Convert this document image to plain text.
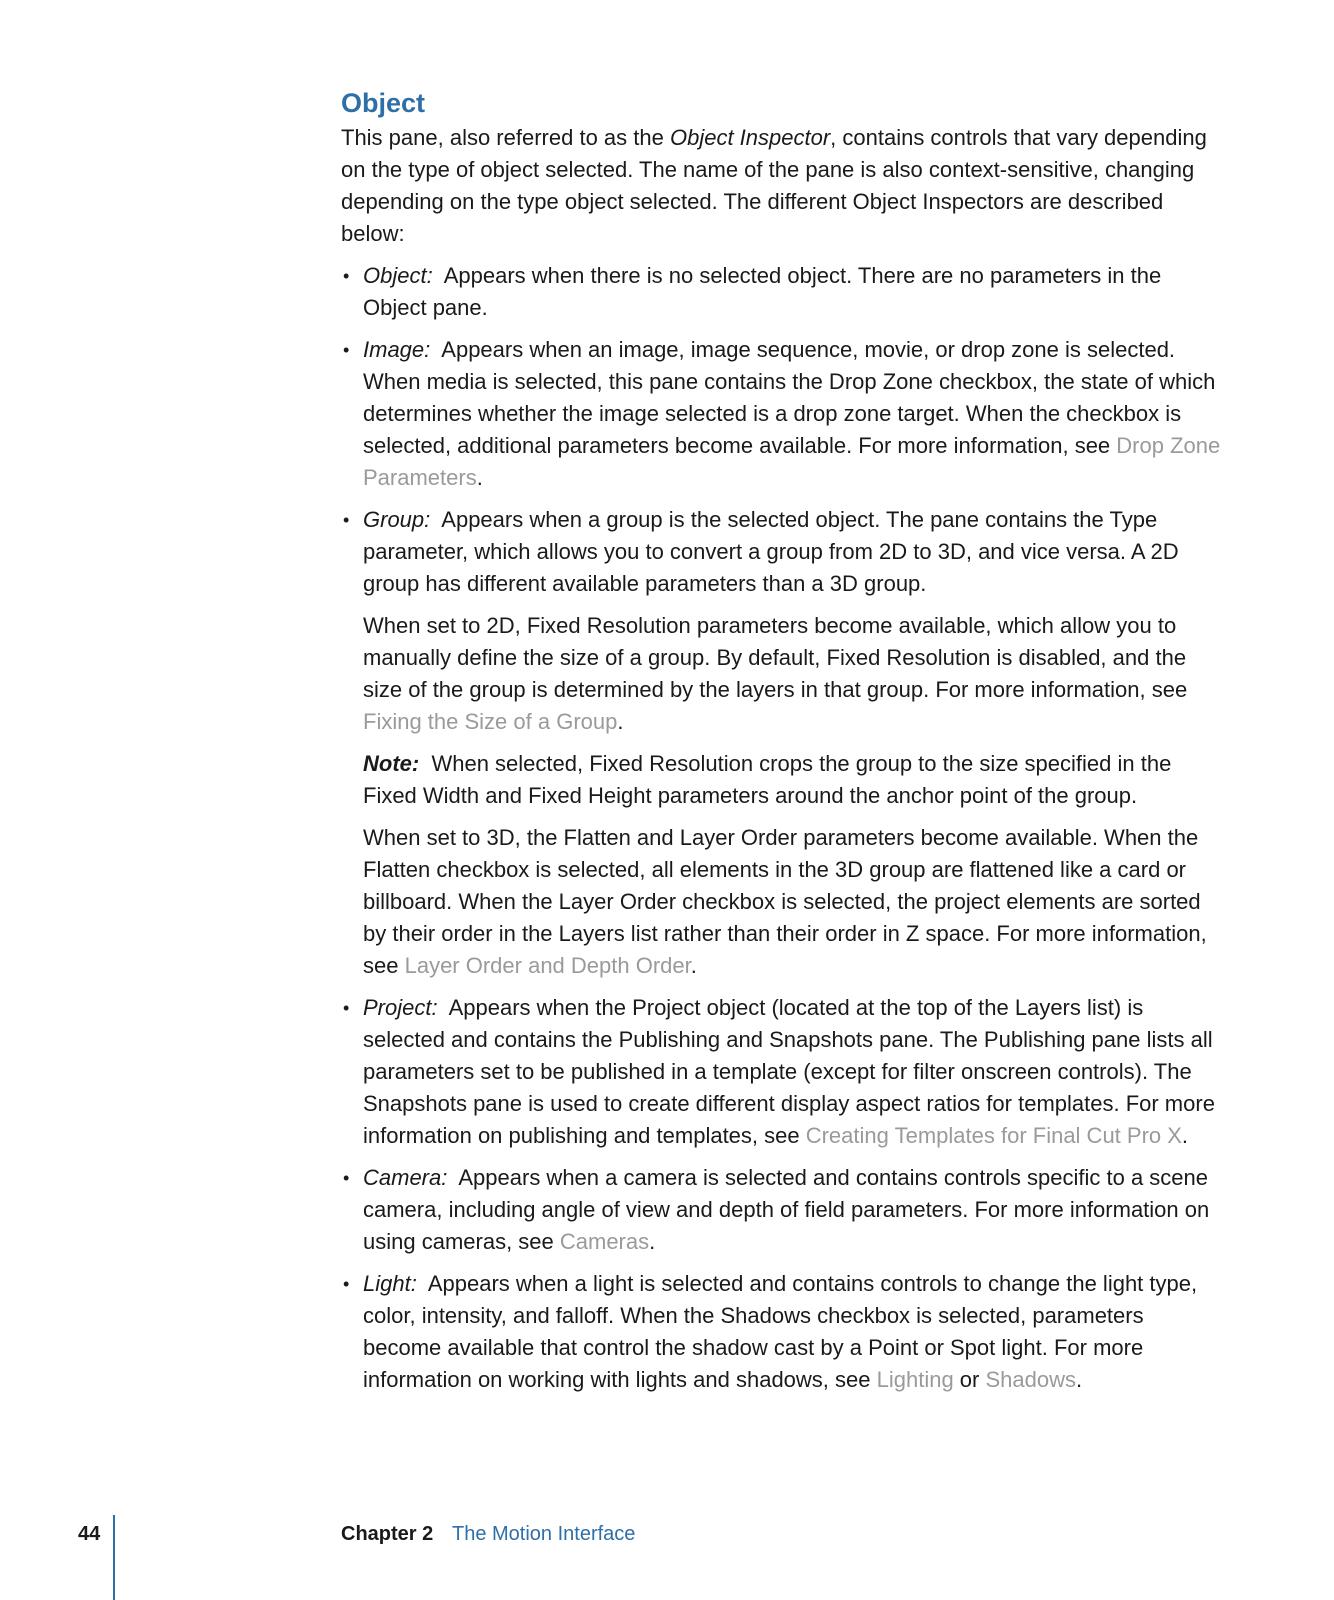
Object

This pane, also referred to as the Object Inspector, contains controls that vary depending on the type of object selected. The name of the pane is also context-sensitive, changing depending on the type object selected. The different Object Inspectors are described below:

• Object: Appears when there is no selected object. There are no parameters in the Object pane.
• Image: Appears when an image, image sequence, movie, or drop zone is selected. When media is selected, this pane contains the Drop Zone checkbox, the state of which determines whether the image selected is a drop zone target. When the checkbox is selected, additional parameters become available. For more information, see Drop Zone Parameters.
• Group: Appears when a group is the selected object. The pane contains the Type parameter, which allows you to convert a group from 2D to 3D, and vice versa. A 2D group has different available parameters than a 3D group.

When set to 2D, Fixed Resolution parameters become available, which allow you to manually define the size of a group. By default, Fixed Resolution is disabled, and the size of the group is determined by the layers in that group. For more information, see Fixing the Size of a Group.

Note: When selected, Fixed Resolution crops the group to the size specified in the Fixed Width and Fixed Height parameters around the anchor point of the group.

When set to 3D, the Flatten and Layer Order parameters become available. When the Flatten checkbox is selected, all elements in the 3D group are flattened like a card or billboard. When the Layer Order checkbox is selected, the project elements are sorted by their order in the Layers list rather than their order in Z space. For more information, see Layer Order and Depth Order.

• Project: Appears when the Project object (located at the top of the Layers list) is selected and contains the Publishing and Snapshots pane. The Publishing pane lists all parameters set to be published in a template (except for filter onscreen controls). The Snapshots pane is used to create different display aspect ratios for templates. For more information on publishing and templates, see Creating Templates for Final Cut Pro X.
• Camera: Appears when a camera is selected and contains controls specific to a scene camera, including angle of view and depth of field parameters. For more information on using cameras, see Cameras.
• Light: Appears when a light is selected and contains controls to change the light type, color, intensity, and falloff. When the Shadows checkbox is selected, parameters become available that control the shadow cast by a Point or Spot light. For more information on working with lights and shadows, see Lighting or Shadows.
44	Chapter 2 The Motion Interface
